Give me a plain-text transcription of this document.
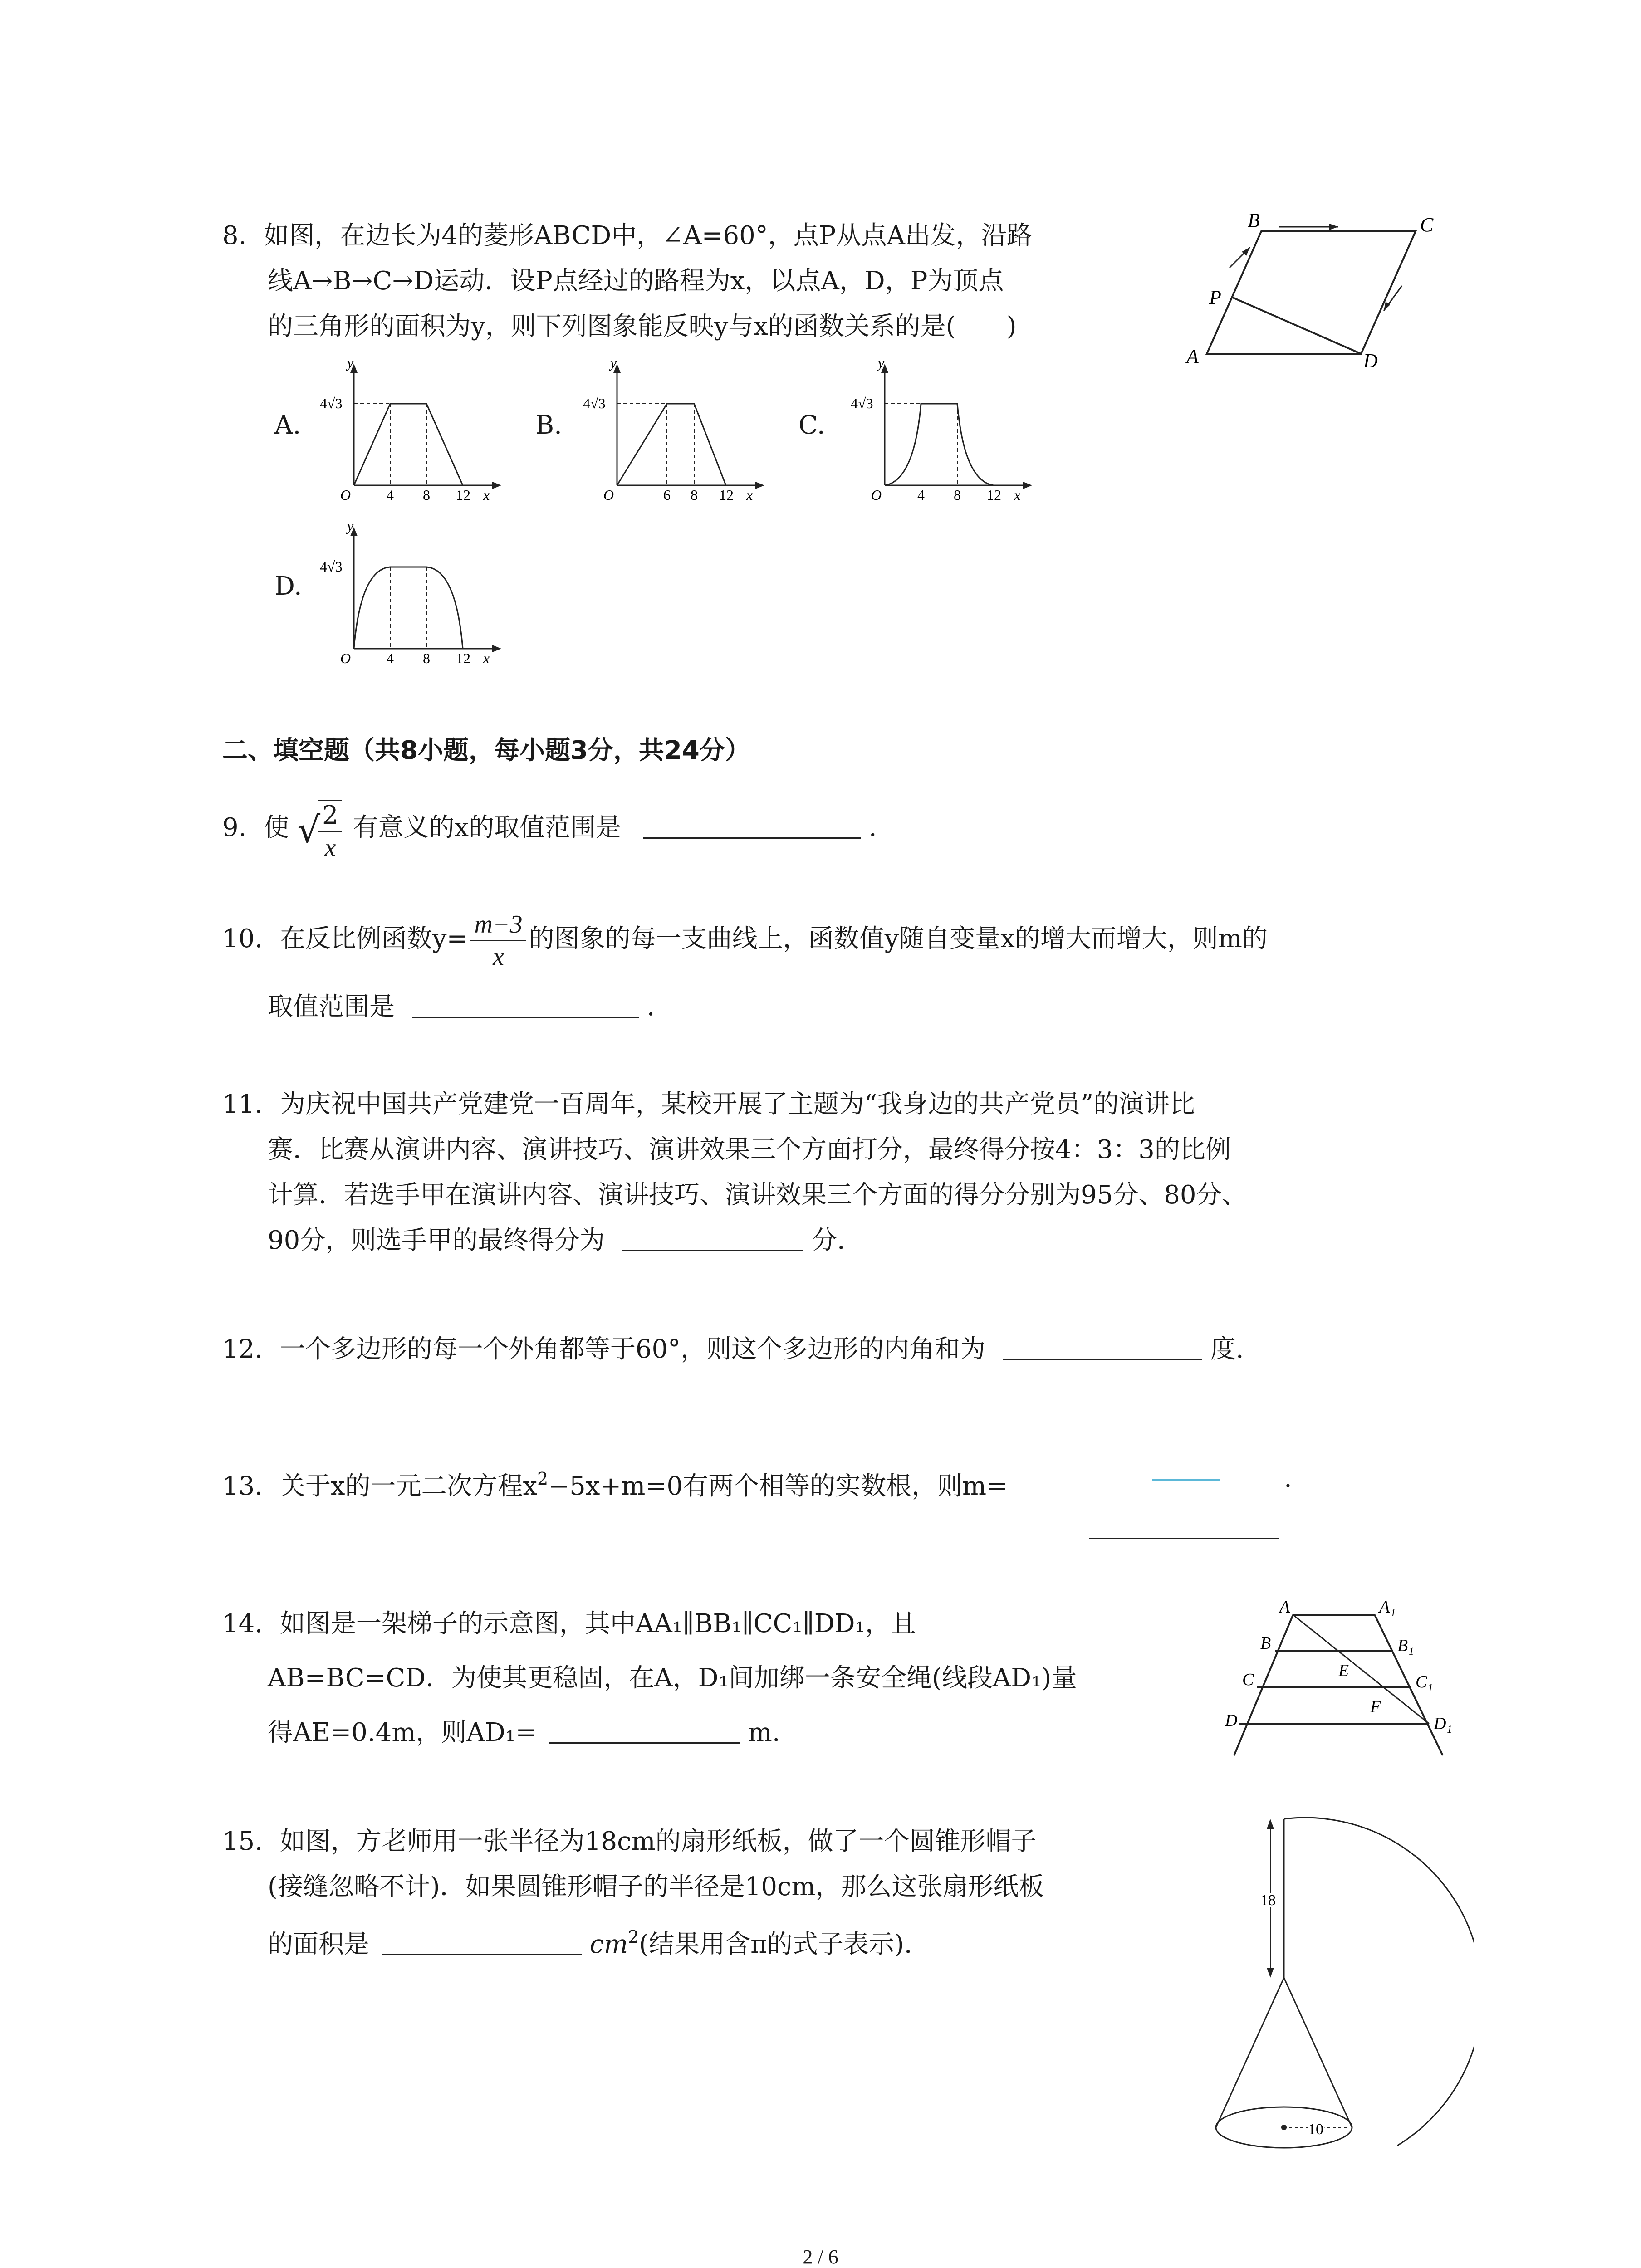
8. 如图，在边长为4的菱形ABCD中，∠A=60°，点P从点A出发，沿路
线A→B→C→D运动．设P点经过的路程为x，以点A，D，P为顶点
的三角形的面积为y，则下列图象能反映y与x的函数关系的是(　　)
A
B	C
D
P
A.	B.	C.
D.
y
4√3
O 4 8 12 x
y
4√3
O	6 8 12 x
y
4√3
O 4 8 12 x
y
4√3
O 4 8 12 x
二、填空题（共8小题，每小题3分，共24分）
9. 使 √
$\frac{2}{x}$ 有意义的x的取值范围是	.
10. 在反比例函数$y= \frac{m-3}{x}$ 的图象的每一支曲线上，函数值y随自变量x的增大而增大，则m的
取值范围是	.
11. 为庆祝中国共产党建党一百周年，某校开展了主题为“我身边的共产党员”的演讲比
赛．比赛从演讲内容、演讲技巧、演讲效果三个方面打分，最终得分按4：3：3的比例
计算．若选手甲在演讲内容、演讲技巧、演讲效果三个方面的得分分别为95分、80分、
90分，则选手甲的最终得分为	分.
12. 一个多边形的每一个外角都等于60°，则这个多边形的内角和为	度.
13. 关于x的一元二次方程$x^2-5x+m=0$有两个相等的实数根，则m=	.
14. 如图是一架梯子的示意图，其中AA₁∥BB₁∥CC₁∥DD₁，且
AB=BC=CD．为使其更稳固，在A，D₁间加绑一条安全绳(线段AD₁)量
得AE=0.4m，则AD₁=	m.
A	A₁
B	B₁
C	C₁
D	D₁
E
F
15. 如图，方老师用一张半径为18cm的扇形纸板，做了一个圆锥形帽子
(接缝忽略不计)．如果圆锥形帽子的半径是10cm，那么这张扇形纸板
的面积是	$cm^2$(结果用含π的式子表示).
18
10
2 / 6
